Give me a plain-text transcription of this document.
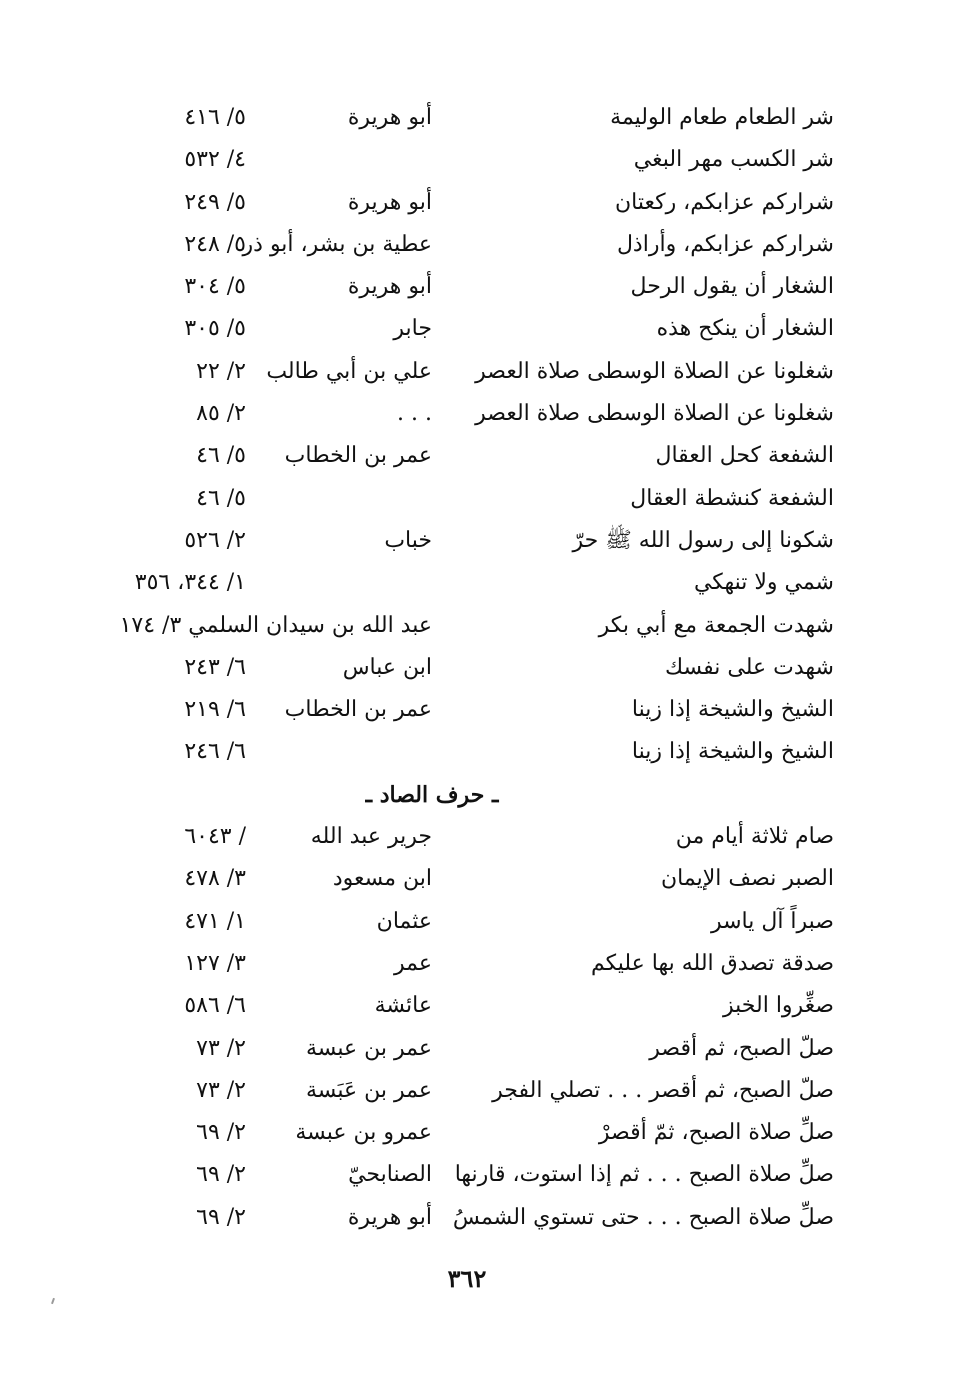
شر الطعام طعام الوليمة
أبو هريرة
٥/ ٤١٦
شر الكسب مهر البغي
٤/ ٥٣٢
شراركم عزابكم، ركعتان
أبو هريرة
٥/ ٢٤٩
شراركم عزابكم، وأراذل
عطية بن بشر، أبو ذر
٥/ ٢٤٨
الشغار أن يقول الرحل
أبو هريرة
٥/ ٣٠٤
الشغار أن ينكح هذه
جابر
٥/ ٣٠٥
شغلونا عن الصلاة الوسطى صلاة العصر
علي بن أبي طالب
٢/ ٢٢
شغلونا عن الصلاة الوسطى صلاة العصر
. . .
٢/ ٨٥
الشفعة كحل العقال
عمر بن الخطاب
٥/ ٤٦
الشفعة كنشطة العقال
٥/ ٤٦
شكونا إلى رسول الله ﷺ حرّ
خباب
٢/ ٥٢٦
شمي ولا تنهكي
١/ ٣٤٤، ٣٥٦
شهدت الجمعة مع أبي بكر
عبد الله بن سيدان السلمي ٣/ ١٧٤
شهدت على نفسك
ابن عباس
٦/ ٢٤٣
الشيخ والشيخة إذا زينا
عمر بن الخطاب
٦/ ٢١٩
الشيخ والشيخة إذا زينا
٦/ ٢٤٦
ـ حرف الصاد ـ
صام ثلاثة أيام من
جرير عبد الله
/ ٦٠٤٣
الصبر نصف الإيمان
ابن مسعود
٣/ ٤٧٨
صبراً آل ياسر
عثمان
١/ ٤٧١
صدقة تصدق الله بها عليكم
عمر
٣/ ١٢٧
صغِّروا الخبز
عائشة
٦/ ٥٨٦
صلّ الصبح، ثم أقصر
عمر بن عبسة
٢/ ٧٣
صلّ الصبح، ثم أقصر . . . تصلي الفجر
عمر بن عَبَسة
٢/ ٧٣
صلِّ صلاة الصبح، ثمّ أقصرْ
عمرو بن عبسة
٢/ ٦٩
صلِّ صلاة الصبح . . . ثم إذا استوت، قارنها
الصنابحيّ
٢/ ٦٩
صلِّ صلاة الصبح . . . حتى تستوي الشمسُ
أبو هريرة
٢/ ٦٩
٣٦٢
